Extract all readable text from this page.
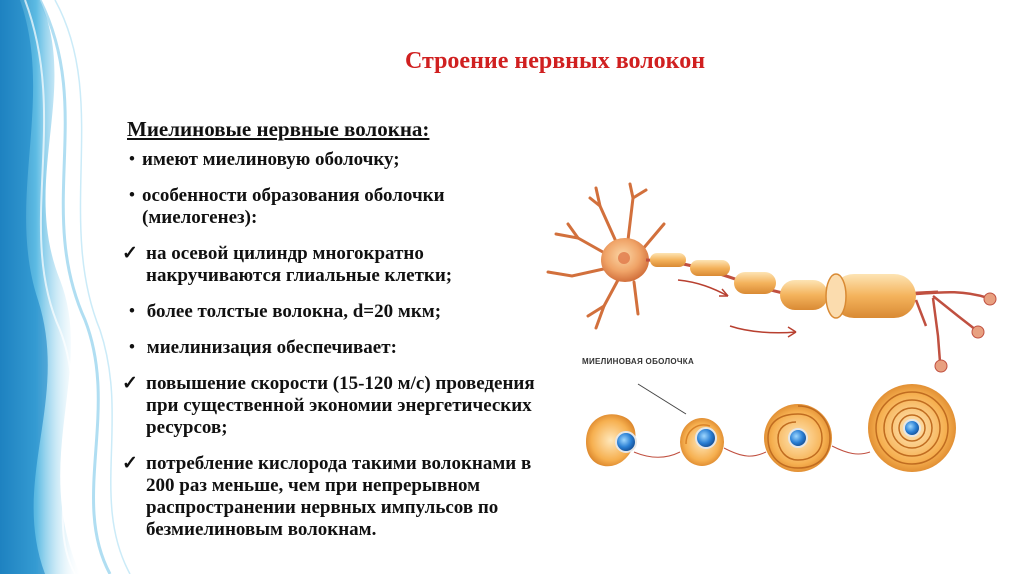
Строение нервных волокон
Миелиновые нервные волокна:
• имеют миелиновую оболочку;
• особенности образования оболочки (миелогенез):
✓ на осевой цилиндр многократно накручиваются глиальные клетки;
• более толстые волокна, d=20 мкм;
• миелинизация обеспечивает:
✓ повышение скорости (15-120 м/с) проведения при существенной экономии энергетических ресурсов;
✓ потребление кислорода такими волокнами в 200 раз меньше, чем при непрерывном распространении нервных импульсов по безмиелиновым волокнам.
МИЕЛИНОВАЯ ОБОЛОЧКА
